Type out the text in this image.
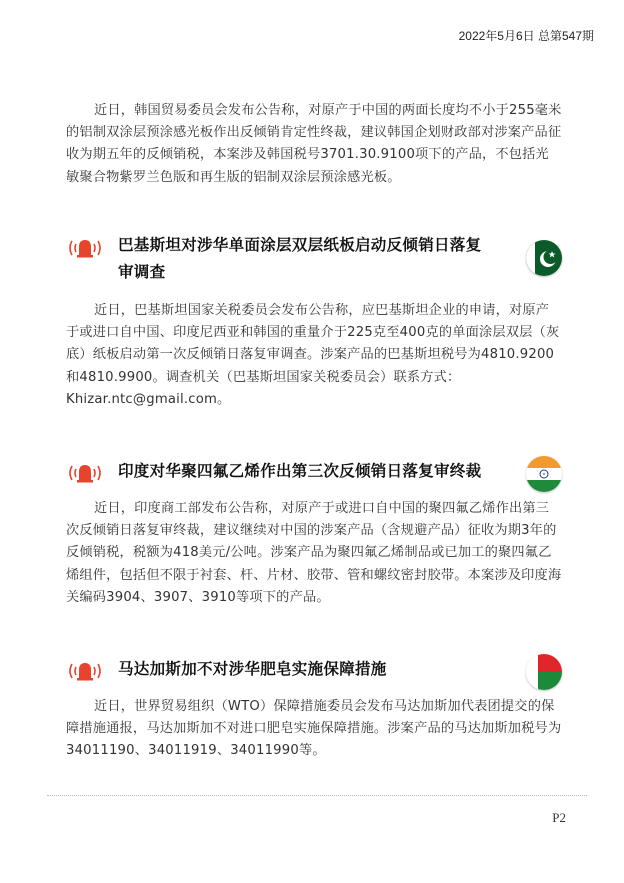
2022年5月6日 总第547期

近日，韩国贸易委员会发布公告称，对原产于中国的两面长度均不小于255毫米的铝制双涂层预涂感光板作出反倾销肯定性终裁，建议韩国企划财政部对涉案产品征收为期五年的反倾销税，本案涉及韩国税号3701.30.9100项下的产品，不包括光敏聚合物紫罗兰色版和再生版的铝制双涂层预涂感光板。

巴基斯坦对涉华单面涂层双层纸板启动反倾销日落复审调查

近日，巴基斯坦国家关税委员会发布公告称，应巴基斯坦企业的申请，对原产于或进口自中国、印度尼西亚和韩国的重量介于225克至400克的单面涂层双层（灰底）纸板启动第一次反倾销日落复审调查。涉案产品的巴基斯坦税号为4810.9200和4810.9900。调查机关（巴基斯坦国家关税委员会）联系方式：Khizar.ntc@gmail.com。

印度对华聚四氟乙烯作出第三次反倾销日落复审终裁

近日，印度商工部发布公告称，对原产于或进口自中国的聚四氟乙烯作出第三次反倾销日落复审终裁，建议继续对中国的涉案产品（含规避产品）征收为期3年的反倾销税，税额为418美元/公吨。涉案产品为聚四氟乙烯制品或已加工的聚四氟乙烯组件，包括但不限于衬套、杆、片材、胶带、管和螺纹密封胶带。本案涉及印度海关编码3904、3907、3910等项下的产品。

马达加斯加不对涉华肥皂实施保障措施

近日，世界贸易组织（WTO）保障措施委员会发布马达加斯加代表团提交的保障措施通报，马达加斯加不对进口肥皂实施保障措施。涉案产品的马达加斯加税号为34011190、34011919、34011990等。

P2
